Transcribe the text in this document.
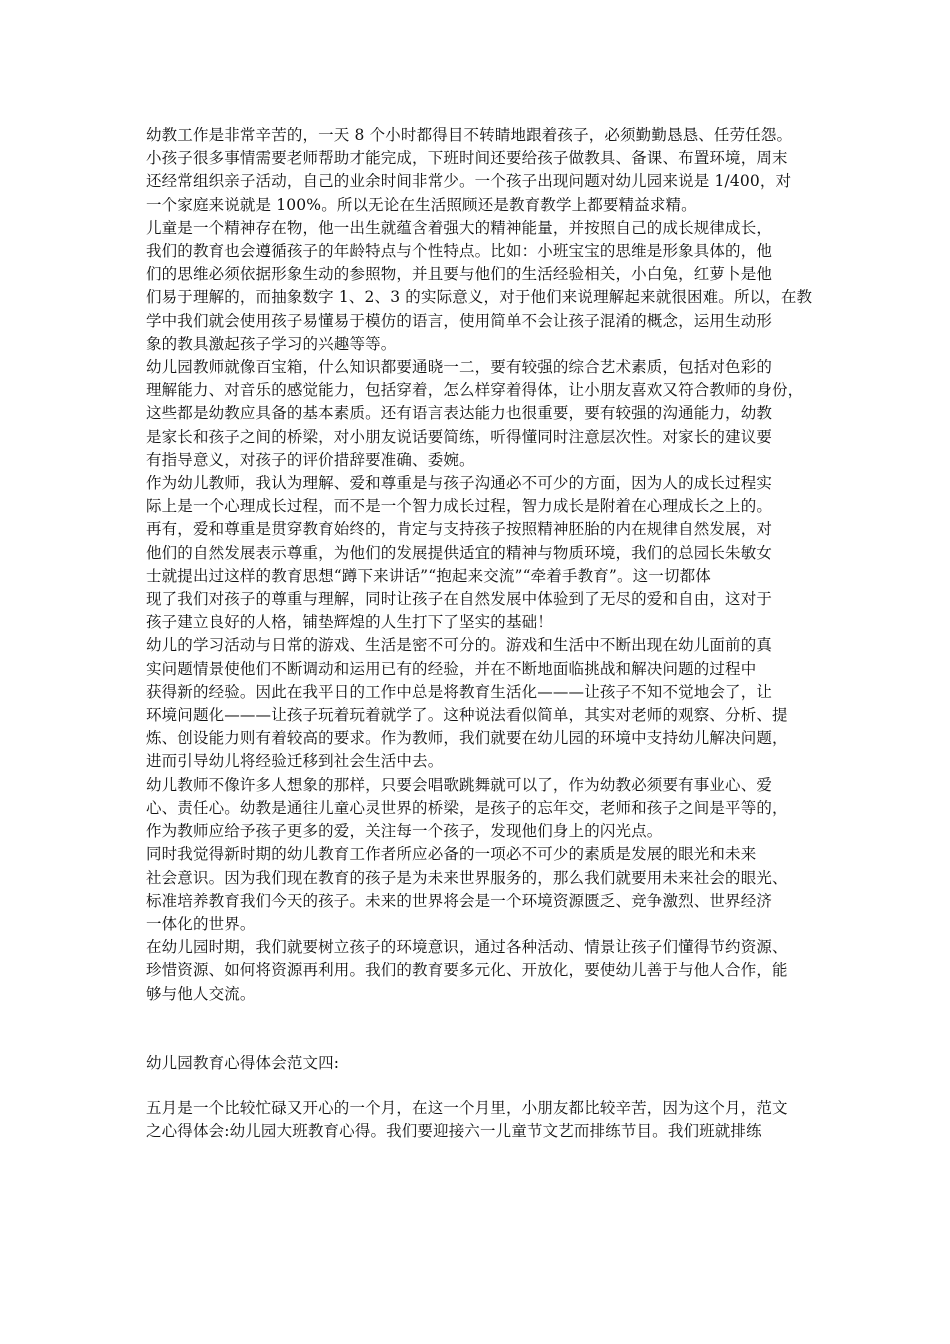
幼教工作是非常辛苦的，一天 8 个小时都得目不转睛地跟着孩子，必须勤勤恳恳、任劳任怨。
小孩子很多事情需要老师帮助才能完成，下班时间还要给孩子做教具、备课、布置环境，周末
还经常组织亲子活动，自己的业余时间非常少。一个孩子出现问题对幼儿园来说是 1/400，对
一个家庭来说就是 100%。所以无论在生活照顾还是教育教学上都要精益求精。
儿童是一个精神存在物，他一出生就蕴含着强大的精神能量，并按照自己的成长规律成长，
我们的教育也会遵循孩子的年龄特点与个性特点。比如：小班宝宝的思维是形象具体的，他
们的思维必须依据形象生动的参照物，并且要与他们的生活经验相关，小白兔，红萝卜是他
们易于理解的，而抽象数字 1、2、3 的实际意义，对于他们来说理解起来就很困难。所以，在教
学中我们就会使用孩子易懂易于模仿的语言，使用简单不会让孩子混淆的概念，运用生动形
象的教具激起孩子学习的兴趣等等。
幼儿园教师就像百宝箱，什么知识都要通晓一二，要有较强的综合艺术素质，包括对色彩的
理解能力、对音乐的感觉能力，包括穿着，怎么样穿着得体，让小朋友喜欢又符合教师的身份，
这些都是幼教应具备的基本素质。还有语言表达能力也很重要，要有较强的沟通能力，幼教
是家长和孩子之间的桥梁，对小朋友说话要简练，听得懂同时注意层次性。对家长的建议要
有指导意义，对孩子的评价措辞要准确、委婉。
作为幼儿教师，我认为理解、爱和尊重是与孩子沟通必不可少的方面，因为人的成长过程实
际上是一个心理成长过程，而不是一个智力成长过程，智力成长是附着在心理成长之上的。
再有，爱和尊重是贯穿教育始终的，肯定与支持孩子按照精神胚胎的内在规律自然发展，对
他们的自然发展表示尊重，为他们的发展提供适宜的精神与物质环境，我们的总园长朱敏女
士就提出过这样的教育思想“蹲下来讲话”“抱起来交流”“牵着手教育”。这一切都体
现了我们对孩子的尊重与理解，同时让孩子在自然发展中体验到了无尽的爱和自由，这对于
孩子建立良好的人格，铺垫辉煌的人生打下了坚实的基础！
幼儿的学习活动与日常的游戏、生活是密不可分的。游戏和生活中不断出现在幼儿面前的真
实问题情景使他们不断调动和运用已有的经验，并在不断地面临挑战和解决问题的过程中
获得新的经验。因此在我平日的工作中总是将教育生活化———让孩子不知不觉地会了，让
环境问题化———让孩子玩着玩着就学了。这种说法看似简单，其实对老师的观察、分析、提
炼、创设能力则有着较高的要求。作为教师，我们就要在幼儿园的环境中支持幼儿解决问题，
进而引导幼儿将经验迁移到社会生活中去。
幼儿教师不像许多人想象的那样，只要会唱歌跳舞就可以了，作为幼教必须要有事业心、爱
心、责任心。幼教是通往儿童心灵世界的桥梁，是孩子的忘年交，老师和孩子之间是平等的，
作为教师应给予孩子更多的爱，关注每一个孩子，发现他们身上的闪光点。
同时我觉得新时期的幼儿教育工作者所应必备的一项必不可少的素质是发展的眼光和未来
社会意识。因为我们现在教育的孩子是为未来世界服务的，那么我们就要用未来社会的眼光、
标准培养教育我们今天的孩子。未来的世界将会是一个环境资源匮乏、竞争激烈、世界经济
一体化的世界。
在幼儿园时期，我们就要树立孩子的环境意识，通过各种活动、情景让孩子们懂得节约资源、
珍惜资源、如何将资源再利用。我们的教育要多元化、开放化，要使幼儿善于与他人合作，能
够与他人交流。
幼儿园教育心得体会范文四:
五月是一个比较忙碌又开心的一个月，在这一个月里，小朋友都比较辛苦，因为这个月，范文
之心得体会:幼儿园大班教育心得。我们要迎接六一儿童节文艺而排练节目。我们班就排练
